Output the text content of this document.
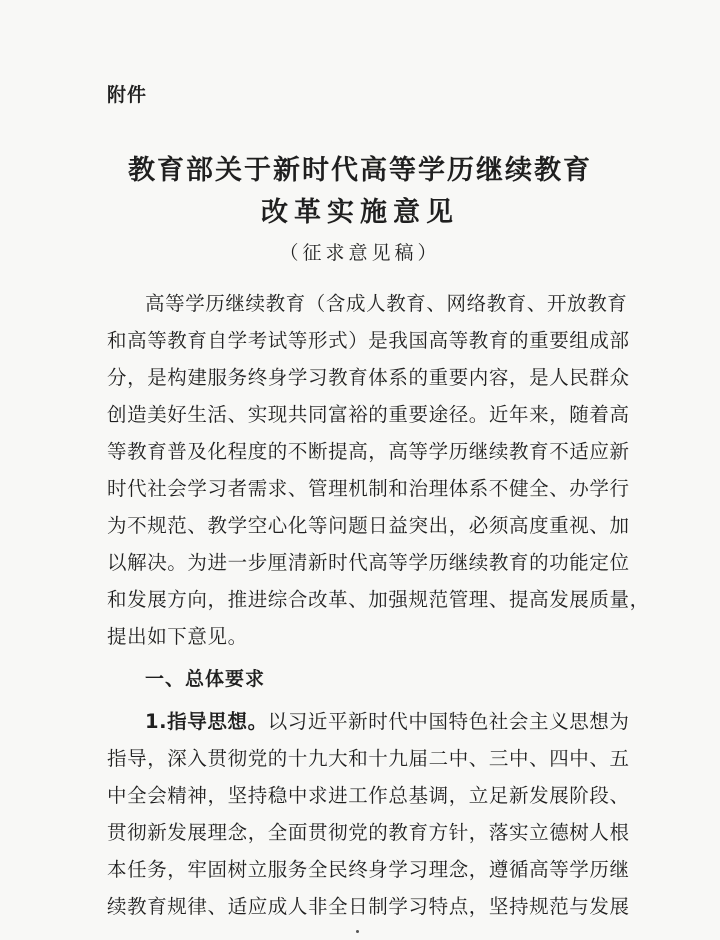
附件
教育部关于新时代高等学历继续教育
改革实施意见
（征求意见稿）
高等学历继续教育（含成人教育、网络教育、开放教育
和高等教育自学考试等形式）是我国高等教育的重要组成部
分，是构建服务终身学习教育体系的重要内容，是人民群众
创造美好生活、实现共同富裕的重要途径。近年来，随着高
等教育普及化程度的不断提高，高等学历继续教育不适应新
时代社会学习者需求、管理机制和治理体系不健全、办学行
为不规范、教学空心化等问题日益突出，必须高度重视、加
以解决。为进一步厘清新时代高等学历继续教育的功能定位
和发展方向，推进综合改革、加强规范管理、提高发展质量，
提出如下意见。
一、总体要求
1.指导思想。以习近平新时代中国特色社会主义思想为
指导，深入贯彻党的十九大和十九届二中、三中、四中、五
中全会精神，坚持稳中求进工作总基调，立足新发展阶段、
贯彻新发展理念，全面贯彻党的教育方针，落实立德树人根
本任务，牢固树立服务全民终身学习理念，遵循高等学历继
续教育规律、适应成人非全日制学习特点，坚持规范与发展
